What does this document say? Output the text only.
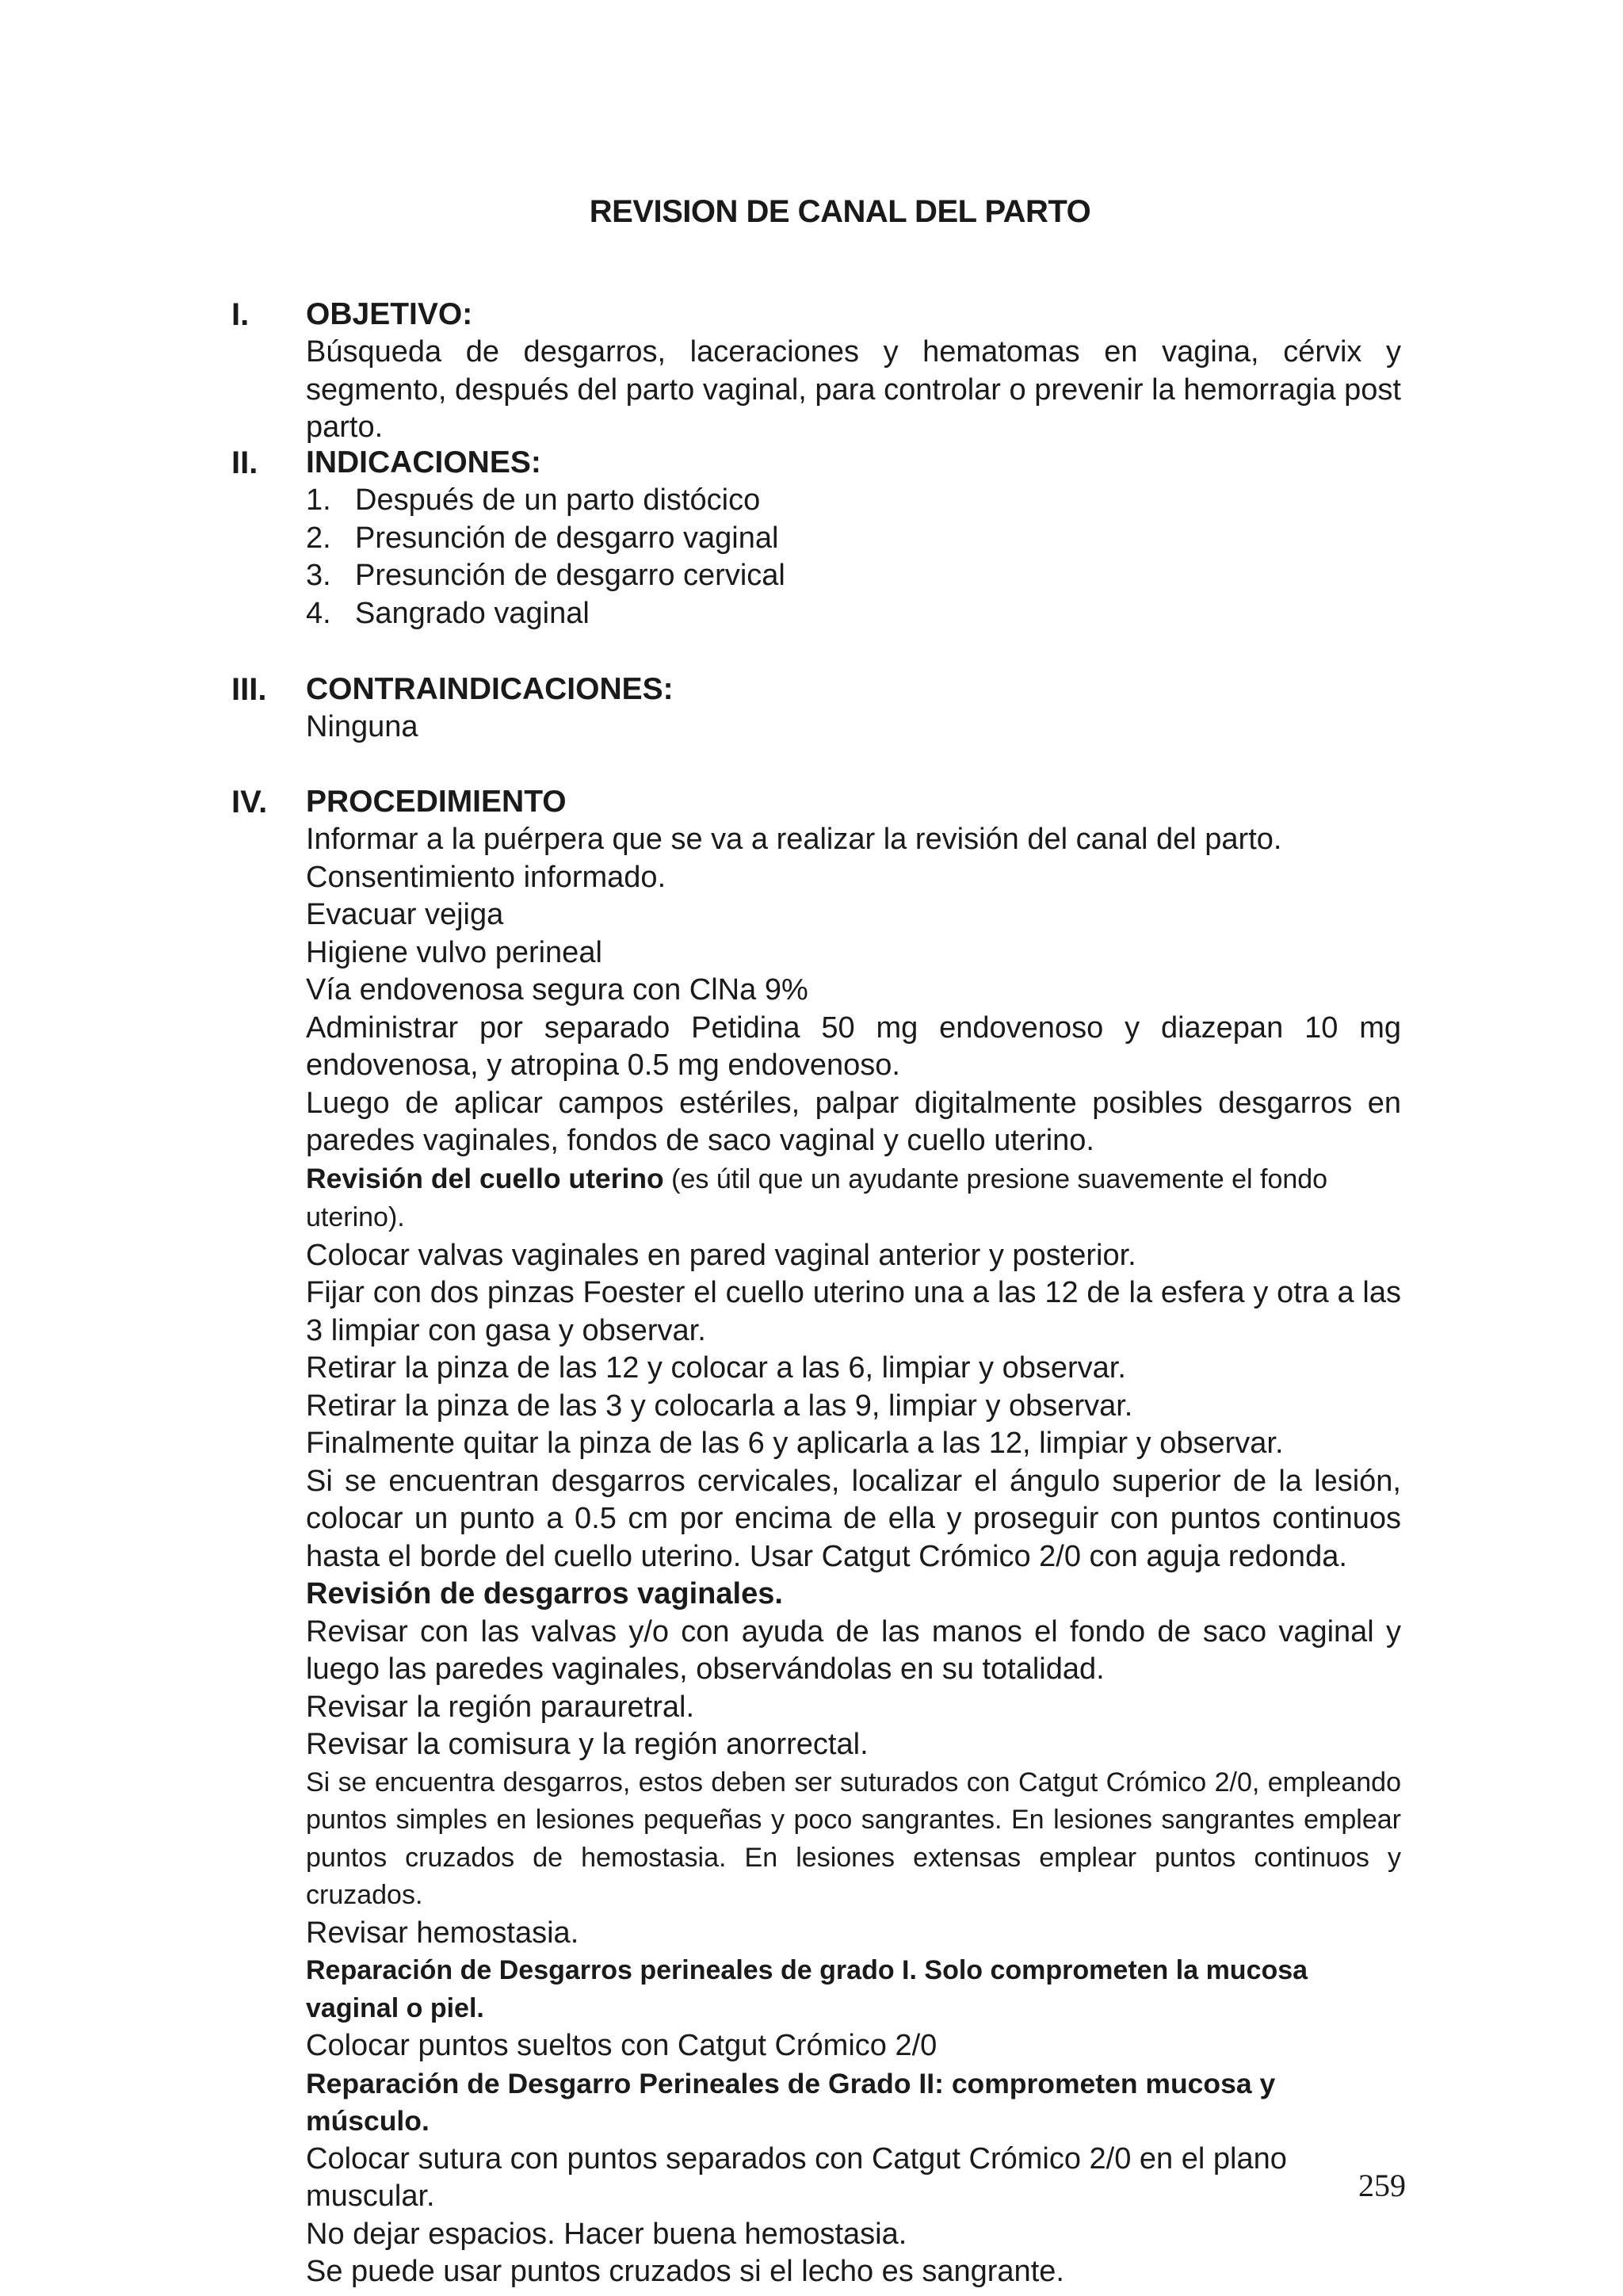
REVISION DE CANAL DEL PARTO
I.	OBJETIVO:

Búsqueda de desgarros, laceraciones y hematomas en vagina, cérvix y segmento, después del parto vaginal, para controlar o prevenir la hemorragia post parto.

II.	INDICACIONES:
1. Después de un parto distócico
2. Presunción de desgarro vaginal
3. Presunción de desgarro cervical
4. Sangrado vaginal
III.	CONTRAINDICACIONES:

Ninguna

IV.	PROCEDIMIENTO

Informar a la puérpera que se va a realizar la revisión del canal del parto.

Consentimiento informado.

Evacuar vejiga

Higiene vulvo perineal

Vía endovenosa segura con ClNa 9%

Administrar por separado Petidina 50 mg endovenoso y diazepan 10 mg endovenosa, y atropina 0.5 mg endovenoso.

Luego de aplicar campos estériles, palpar digitalmente posibles desgarros en paredes vaginales, fondos de saco vaginal y cuello uterino.

Revisión del cuello uterino (es útil que un ayudante presione suavemente el fondo uterino).

Colocar valvas vaginales en pared vaginal anterior y posterior.

Fijar con dos pinzas Foester el cuello uterino una a las 12 de la esfera y otra a las 3 limpiar con gasa y observar.

Retirar la pinza de las 12 y colocar a las 6, limpiar y observar.

Retirar la pinza de las 3 y colocarla a las 9, limpiar y observar.

Finalmente quitar la pinza de las 6 y aplicarla a las 12, limpiar y observar.

Si se encuentran desgarros cervicales, localizar el ángulo superior de la lesión, colocar un punto a 0.5 cm por encima de ella y proseguir con puntos continuos hasta el borde del cuello uterino. Usar Catgut Crómico 2/0 con aguja redonda.

Revisión de desgarros vaginales.

Revisar con las valvas y/o con ayuda de las manos el fondo de saco vaginal y luego las paredes vaginales, observándolas en su totalidad.

Revisar la región parauretral.

Revisar la comisura y la región anorrectal.

Si se encuentra desgarros, estos deben ser suturados con Catgut Crómico 2/0, empleando puntos simples en lesiones pequeñas y poco sangrantes. En lesiones sangrantes emplear puntos cruzados de hemostasia. En lesiones extensas emplear puntos continuos y cruzados.

Revisar hemostasia.

Reparación de Desgarros perineales de grado I. Solo comprometen la mucosa vaginal o piel.

Colocar puntos sueltos con Catgut Crómico 2/0

Reparación de Desgarro Perineales de Grado II: comprometen mucosa y músculo.

Colocar sutura con puntos separados con Catgut Crómico 2/0 en el plano muscular.

No dejar espacios. Hacer buena hemostasia.

Se puede usar puntos cruzados si el lecho es sangrante.

259
